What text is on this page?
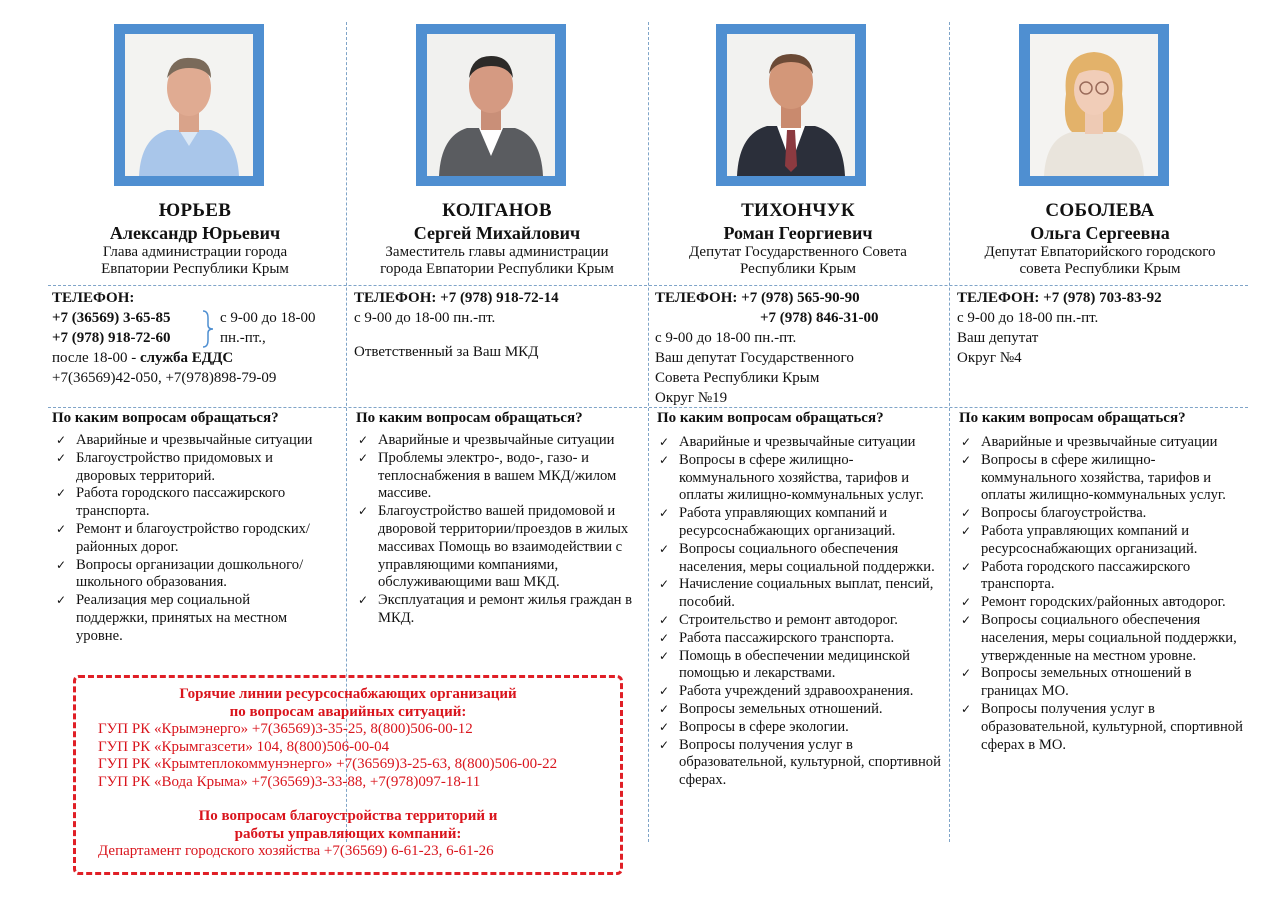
ЮРЬЕВ
Александр Юрьевич
Глава администрации города
Евпатории Республики Крым
ТЕЛЕФОН:
+7 (36569) 3-65-85
+7 (978) 918-72-60
с 9-00 до 18-00
пн.-пт.,
после 18-00 - служба ЕДДС
+7(36569)42-050, +7(978)898-79-09
По каким вопросам обращаться?
✓ Аварийные и чрезвычайные ситуации
✓ Благоустройство придомовых и дворовых территорий.
✓ Работа городского пассажирского транспорта.
✓ Ремонт и благоустройство городских/районных дорог.
✓ Вопросы организации дошкольного/школьного образования.
✓ Реализация мер социальной поддержки, принятых на местном уровне.
КОЛГАНОВ
Сергей Михайлович
Заместитель главы администрации
города Евпатории Республики Крым
ТЕЛЕФОН: +7 (978) 918-72-14
с 9-00 до 18-00 пн.-пт.
Ответственный за Ваш МКД
По каким вопросам обращаться?
✓ Аварийные и чрезвычайные ситуации
✓ Проблемы электро-, водо-, газо- и теплоснабжения в вашем МКД/жилом массиве.
✓ Благоустройство вашей придомовой и дворовой территории/проездов в жилых массивах Помощь во взаимодействии с управляющими компаниями, обслуживающими ваш МКД.
✓ Эксплуатация и ремонт жилья граждан в МКД.
ТИХОНЧУК
Роман Георгиевич
Депутат Государственного Совета
Республики Крым
ТЕЛЕФОН: +7 (978) 565-90-90
+7 (978) 846-31-00
с 9-00 до 18-00 пн.-пт.
Ваш депутат Государственного
Совета Республики Крым
Округ №19
По каким вопросам обращаться?
✓ Аварийные и чрезвычайные ситуации
✓ Вопросы в сфере жилищно-коммунального хозяйства, тарифов и оплаты жилищно-коммунальных услуг.
✓ Работа управляющих компаний и ресурсоснабжающих организаций.
✓ Вопросы социального обеспечения населения, меры социальной поддержки.
✓ Начисление социальных выплат, пенсий, пособий.
✓ Строительство и ремонт автодорог.
✓ Работа пассажирского транспорта.
✓ Помощь в обеспечении медицинской помощью и лекарствами.
✓ Работа учреждений здравоохранения.
✓ Вопросы земельных отношений.
✓ Вопросы в сфере экологии.
✓ Вопросы получения услуг в образовательной, культурной, спортивной сферах.
СОБОЛЕВА
Ольга Сергеевна
Депутат Евпаторийского городского
совета Республики Крым
ТЕЛЕФОН: +7 (978) 703-83-92
с 9-00 до 18-00 пн.-пт.
Ваш депутат
Округ №4
По каким вопросам обращаться?
✓ Аварийные и чрезвычайные ситуации
✓ Вопросы в сфере жилищно-коммунального хозяйства, тарифов и оплаты жилищно-коммунальных услуг.
✓ Вопросы благоустройства.
✓ Работа управляющих компаний и ресурсоснабжающих организаций.
✓ Работа городского пассажирского транспорта.
✓ Ремонт городских/районных автодорог.
✓ Вопросы социального обеспечения населения, меры социальной поддержки, утвержденные на местном уровне.
✓ Вопросы земельных отношений в границах МО.
✓ Вопросы получения услуг в образовательной, культурной, спортивной сферах в МО.
Горячие линии ресурсоснабжающих организаций
по вопросам аварийных ситуаций:
ГУП РК «Крымэнерго» +7(36569)3-35-25, 8(800)506-00-12
ГУП РК «Крымгазсети» 104, 8(800)506-00-04
ГУП РК «Крымтеплокоммунэнерго» +7(36569)3-25-63, 8(800)506-00-22
ГУП РК «Вода Крыма» +7(36569)3-33-88, +7(978)097-18-11
По вопросам благоустройства территорий и
работы управляющих компаний:
Департамент городского хозяйства +7(36569) 6-61-23, 6-61-26
